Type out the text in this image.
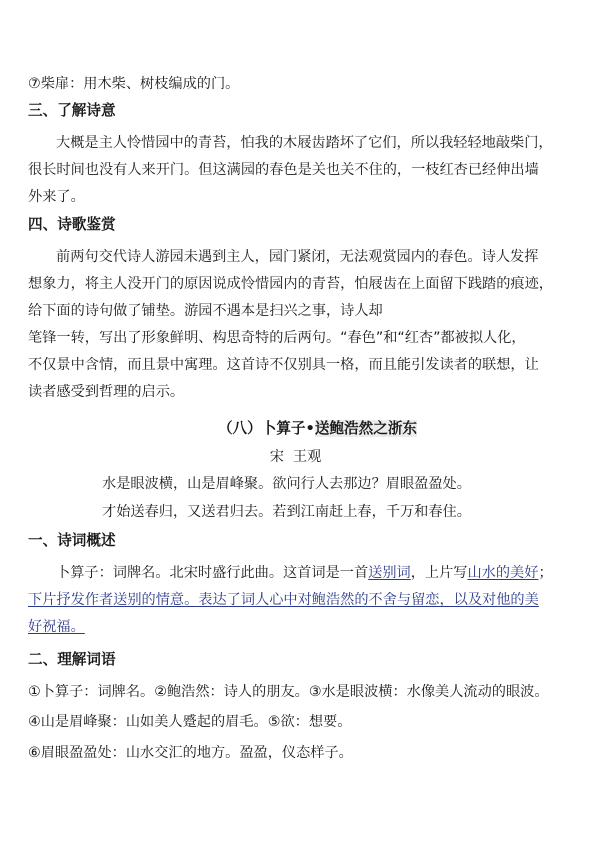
⑦柴扉：用木柴、树枝编成的门。
三、了解诗意
大概是主人怜惜园中的青苔，怕我的木屐齿踏坏了它们，所以我轻轻地敲柴门，
很长时间也没有人来开门。但这满园的春色是关也关不住的，一枝红杏已经伸出墙
外来了。
四、诗歌鉴赏
前两句交代诗人游园未遇到主人，园门紧闭，无法观赏园内的春色。诗人发挥
想象力，将主人没开门的原因说成怜惜园内的青苔，怕屐齿在上面留下践踏的痕迹，
给下面的诗句做了铺垫。游园不遇本是扫兴之事，诗人却
笔锋一转，写出了形象鲜明、构思奇特的后两句。“春色”和“红杏”都被拟人化，
不仅景中含情，而且景中寓理。这首诗不仅别具一格，而且能引发读者的联想，让
读者感受到哲理的启示。
（八）卜算子•送鲍浩然之浙东
宋  王观
水是眼波横，山是眉峰聚。欲问行人去那边？眉眼盈盈处。
才始送春归，又送君归去。若到江南赶上春，千万和春住。
一、诗词概述
卜算子：词牌名。北宋时盛行此曲。这首词是一首送别词，上片写山水的美好；
下片抒发作者送别的情意。表达了词人心中对鲍浩然的不舍与留恋，以及对他的美
好祝福。
二、理解词语
①卜算子：词牌名。②鲍浩然：诗人的朋友。③水是眼波横：水像美人流动的眼波。
④山是眉峰聚：山如美人蹙起的眉毛。⑤欲：想要。
⑥眉眼盈盈处：山水交汇的地方。盈盈，仪态样子。
